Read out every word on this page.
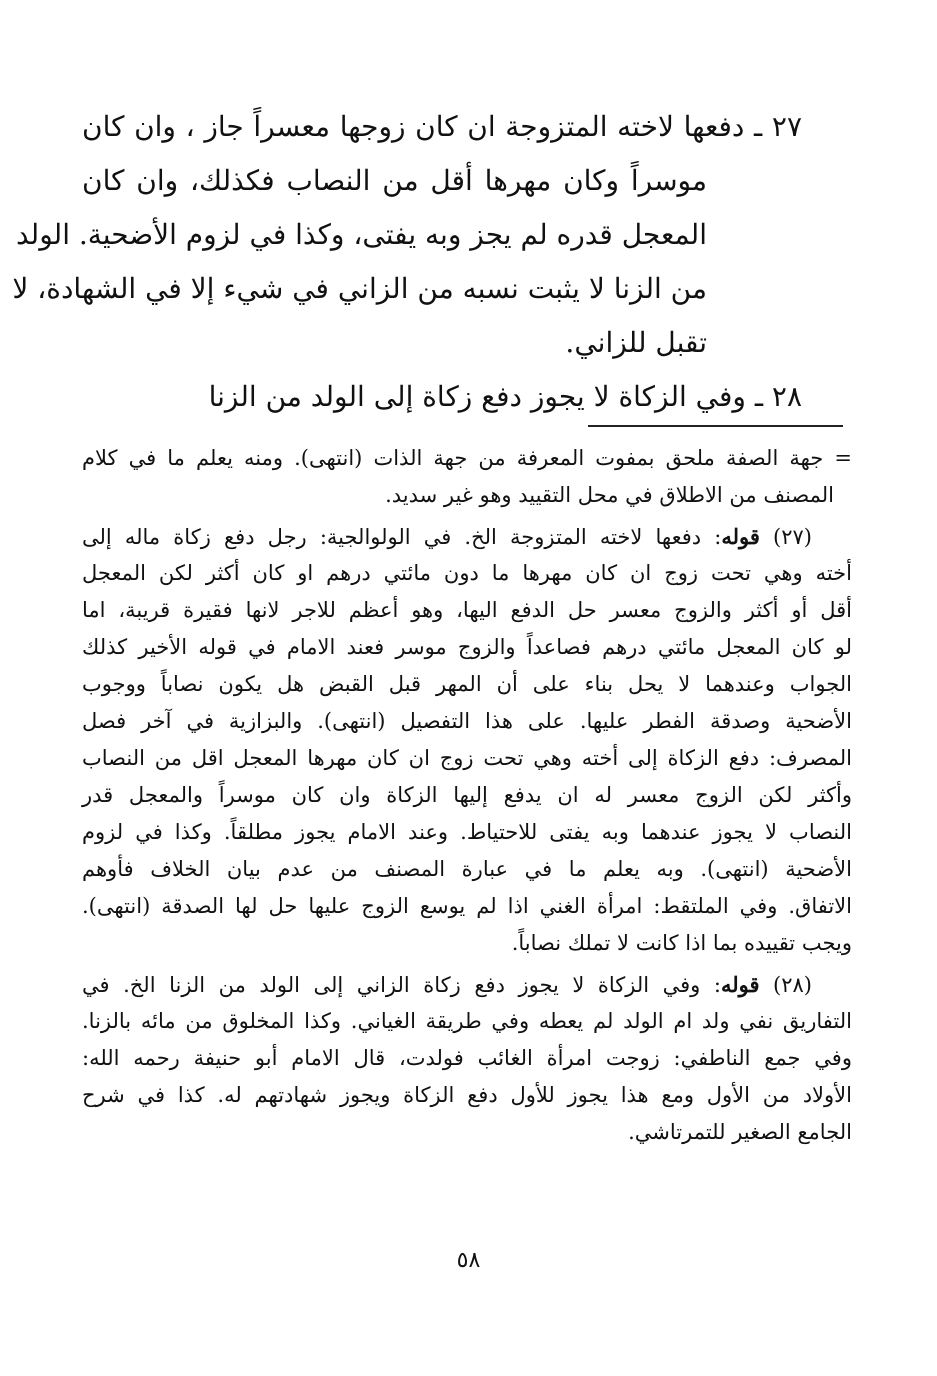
٢٧ ـ دفعها لاخته المتزوجة ان كان زوجها معسراً جاز ، وان كان
موسراً وكان مهرها أقل من النصاب فكذلك، وان كان
المعجل قدره لم يجز وبه يفتى، وكذا في لزوم الأضحية. الولد
من الزنا لا يثبت نسبه من الزاني في شيء إلا في الشهادة، لا
تقبل للزاني.
٢٨ ـ وفي الزكاة لا يجوز دفع زكاة إلى الولد من الزنا
= جهة الصفة ملحق بمفوت المعرفة من جهة الذات (انتهى). ومنه يعلم ما في كلام
المصنف من الاطلاق في محل التقييد وهو غير سديد.
(٢٧) قوله: دفعها لاخته المتزوجة الخ. في الولوالجية: رجل دفع زكاة ماله إلى
أخته وهي تحت زوج ان كان مهرها ما دون مائتي درهم او كان أكثر لكن المعجل
أقل أو أكثر والزوج معسر حل الدفع اليها، وهو أعظم للاجر لانها فقيرة قريبة، اما
لو كان المعجل مائتي درهم فصاعداً والزوج موسر فعند الامام في قوله الأخير كذلك
الجواب وعندهما لا يحل بناء على أن المهر قبل القبض هل يكون نصاباً ووجوب
الأضحية وصدقة الفطر عليها. على هذا التفصيل (انتهى). والبزازية في آخر فصل
المصرف: دفع الزكاة إلى أخته وهي تحت زوج ان كان مهرها المعجل اقل من النصاب
وأكثر لكن الزوج معسر له ان يدفع إليها الزكاة وان كان موسراً والمعجل قدر
النصاب لا يجوز عندهما وبه يفتى للاحتياط. وعند الامام يجوز مطلقاً. وكذا في لزوم
الأضحية (انتهى). وبه يعلم ما في عبارة المصنف من عدم بيان الخلاف فأوهم
الاتفاق. وفي الملتقط: امرأة الغني اذا لم يوسع الزوج عليها حل لها الصدقة (انتهى).
ويجب تقييده بما اذا كانت لا تملك نصاباً.
(٢٨) قوله: وفي الزكاة لا يجوز دفع زكاة الزاني إلى الولد من الزنا الخ. في
التفاريق نفي ولد ام الولد لم يعطه وفي طريقة الغياني. وكذا المخلوق من مائه بالزنا.
وفي جمع الناطفي: زوجت امرأة الغائب فولدت، قال الامام أبو حنيفة رحمه الله:
الأولاد من الأول ومع هذا يجوز للأول دفع الزكاة ويجوز شهادتهم له. كذا في شرح
الجامع الصغير للتمرتاشي.
٥٨
